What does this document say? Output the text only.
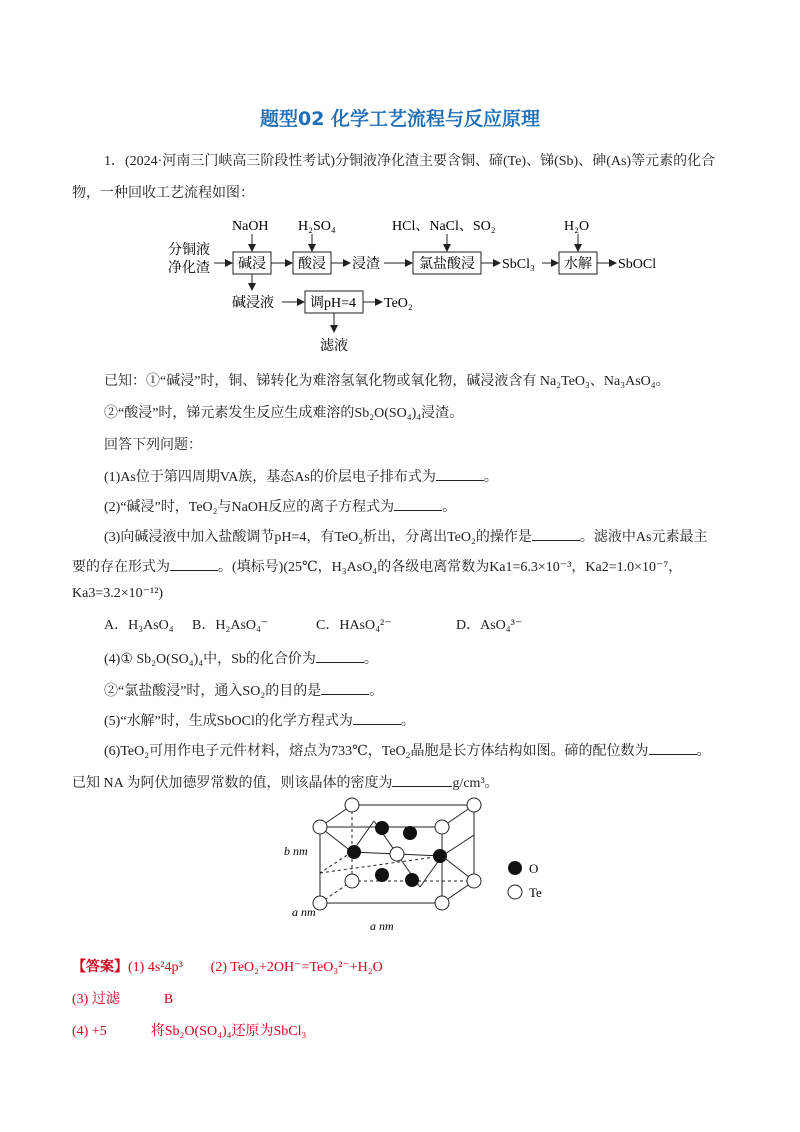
题型02 化学工艺流程与反应原理
1．(2024·河南三门峡高三阶段性考试)分铜液净化渣主要含铜、碲(Te)、锑(Sb)、砷(As)等元素的化合
物，一种回收工艺流程如图：
分铜液
净化渣 碱浸
NaOH
酸浸
H₂SO₄
浸渣	氯盐酸浸
HCl、NaCl、SO₂
SbCl₃ 水解
H₂O
SbOCl
碱浸液	调pH=4 TeO₂
滤液
已知：①“碱浸”时，铜、锑转化为难溶氢氧化物或氧化物，碱浸液含有 Na₂TeO₃、Na₃AsO₄。
②“酸浸”时，锑元素发生反应生成难溶的Sb₂O(SO₄)₄浸渣。
回答下列问题：
(1)As位于第四周期VA族，基态As的价层电子排布式为	。
(2)“碱浸”时，TeO₂与NaOH反应的离子方程式为	。
(3)向碱浸液中加入盐酸调节pH=4，有TeO₂析出，分离出TeO₂的操作是	。滤液中As元素最主
要的存在形式为	。(填标号)(25℃，H₃AsO₄的各级电离常数为Ka1=6.3×10⁻³，Ka2=1.0×10⁻⁷，
Ka3=3.2×10⁻¹²)
A．H₃AsO₄ B．H₂AsO₄⁻	C．HAsO₄²⁻	D．AsO₄³⁻
(4)① Sb₂O(SO₄)₄中，Sb的化合价为	。
②“氯盐酸浸”时，通入SO₂的目的是	。
(5)“水解”时，生成SbOCl的化学方程式为	。
(6)TeO₂可用作电子元件材料，熔点为733℃，TeO₂晶胞是长方体结构如图。碲的配位数为	。
已知 NA 为阿伏加德罗常数的值，则该晶体的密度为	g/cm³。
b nm
a nm
a nm
O
Te
【答案】(1) 4s²4p³ (2) TeO₂+2OH⁻=TeO₃²⁻+H₂O
(3) 过滤	B
(4) +5	将Sb₂O(SO₄)₄还原为SbCl₃
